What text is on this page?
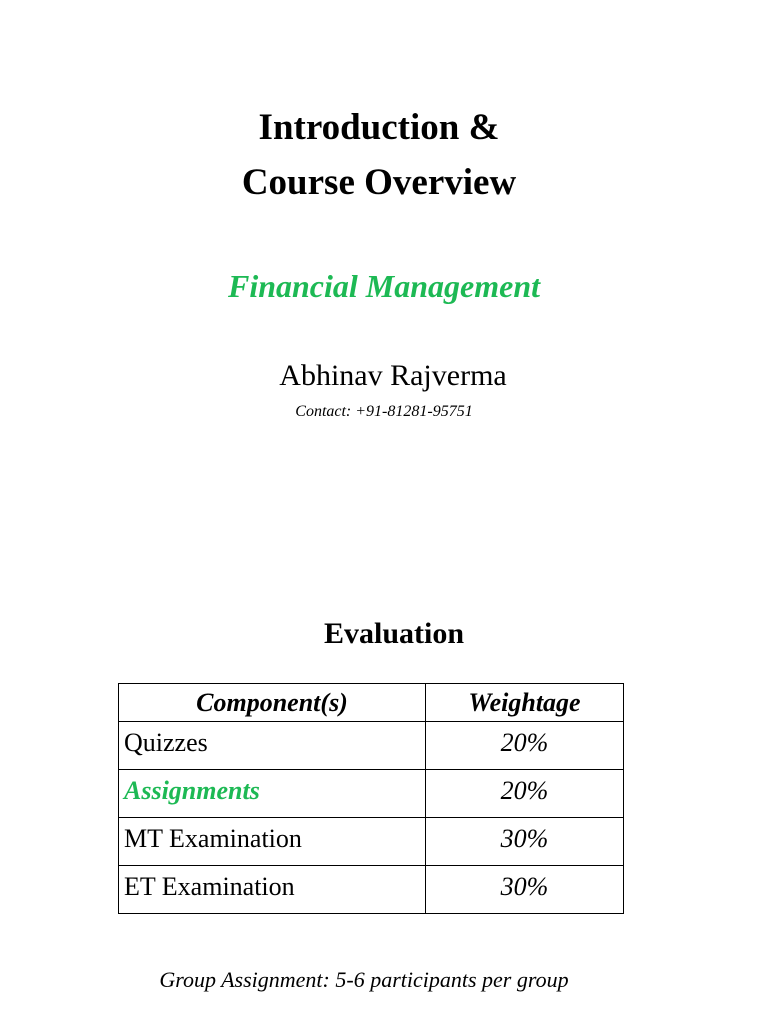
Introduction &
Course Overview
Financial Management
Abhinav Rajverma
Contact: +91-81281-95751
Evaluation
Component(s)	Weightage
Quizzes	20%
Assignments	20%
MT Examination	30%
ET Examination	30%
Group Assignment: 5-6 participants per group
